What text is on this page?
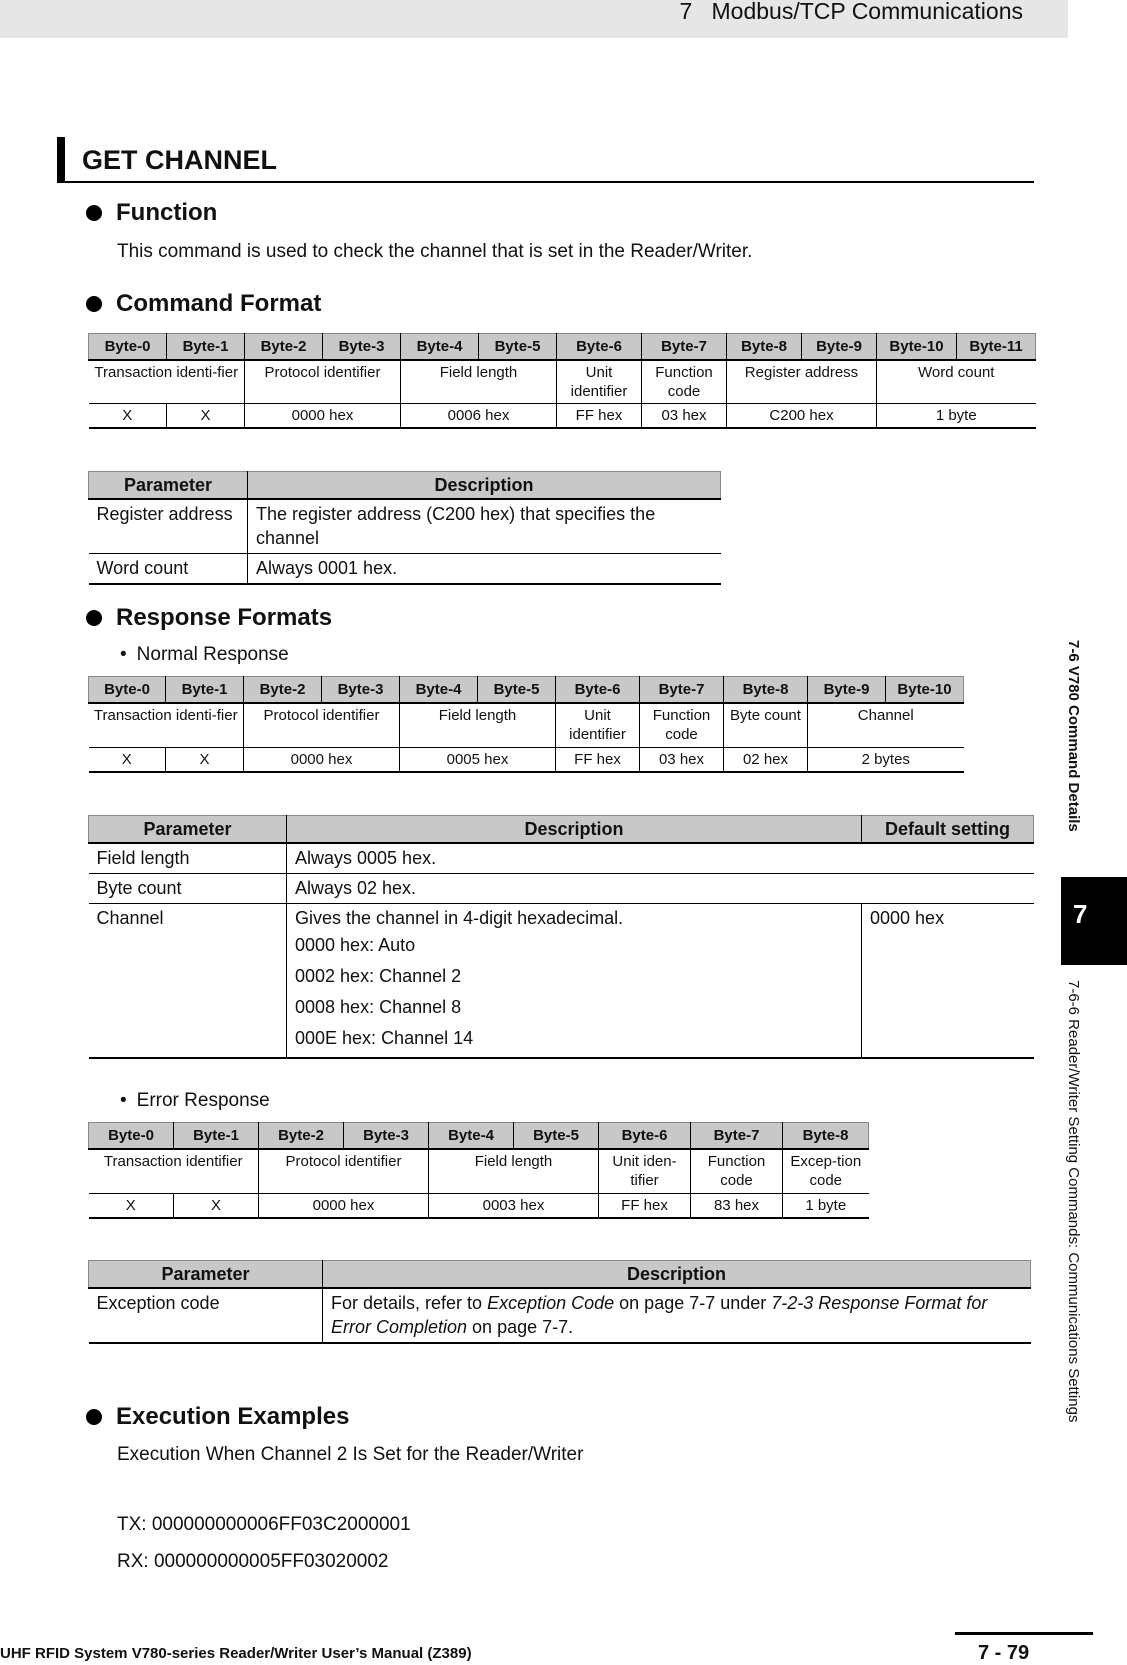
7   Modbus/TCP Communications
GET CHANNEL
Function
This command is used to check the channel that is set in the Reader/Writer.
Command Format
Byte-0	Byte-1	Byte-2	Byte-3	Byte-4	Byte-5	Byte-6	Byte-7	Byte-8	Byte-9	Byte-10	Byte-11
Transaction identi-fier		Protocol identifier		Field length		Unit identifier	Function code	Register address		Word count	
X	X	0000 hex		0006 hex		FF hex	03 hex	C200 hex		1 byte	
Parameter	Description
Register address	The register address (C200 hex) that specifies the channel
Word count	Always 0001 hex.
Response Formats
• Normal Response
Byte-0	Byte-1	Byte-2	Byte-3	Byte-4	Byte-5	Byte-6	Byte-7	Byte-8	Byte-9	Byte-10
Transaction identi-fier		Protocol identifier		Field length		Unit identifier	Function code	Byte count	Channel	
X	X	0000 hex		0005 hex		FF hex	03 hex	02 hex	2 bytes	
Parameter	Description	Default setting
Field length	Always 0005 hex.	
Byte count	Always 02 hex.	
Channel	Gives the channel in 4-digit hexadecimal.
0000 hex: Auto
0002 hex: Channel 2
0008 hex: Channel 8
000E hex: Channel 14	0000 hex
• Error Response
Byte-0	Byte-1	Byte-2	Byte-3	Byte-4	Byte-5	Byte-6	Byte-7	Byte-8
Transaction identifier		Protocol identifier		Field length		Unit iden-tifier	Function code	Excep-tion code
X	X	0000 hex		0003 hex		FF hex	83 hex	1 byte
Parameter	Description
Exception code	For details, refer to Exception Code on page 7-7 under 7-2-3 Response Format for Error Completion on page 7-7.
Execution Examples
Execution When Channel 2 Is Set for the Reader/Writer
TX: 000000000006FF03C2000001
RX: 000000000005FF03020002
7-6 V780 Command Details
7
7-6-6 Reader/Writer Setting Commands: Communications Settings
UHF RFID System V780-series Reader/Writer User’s Manual (Z389)	7 - 79
